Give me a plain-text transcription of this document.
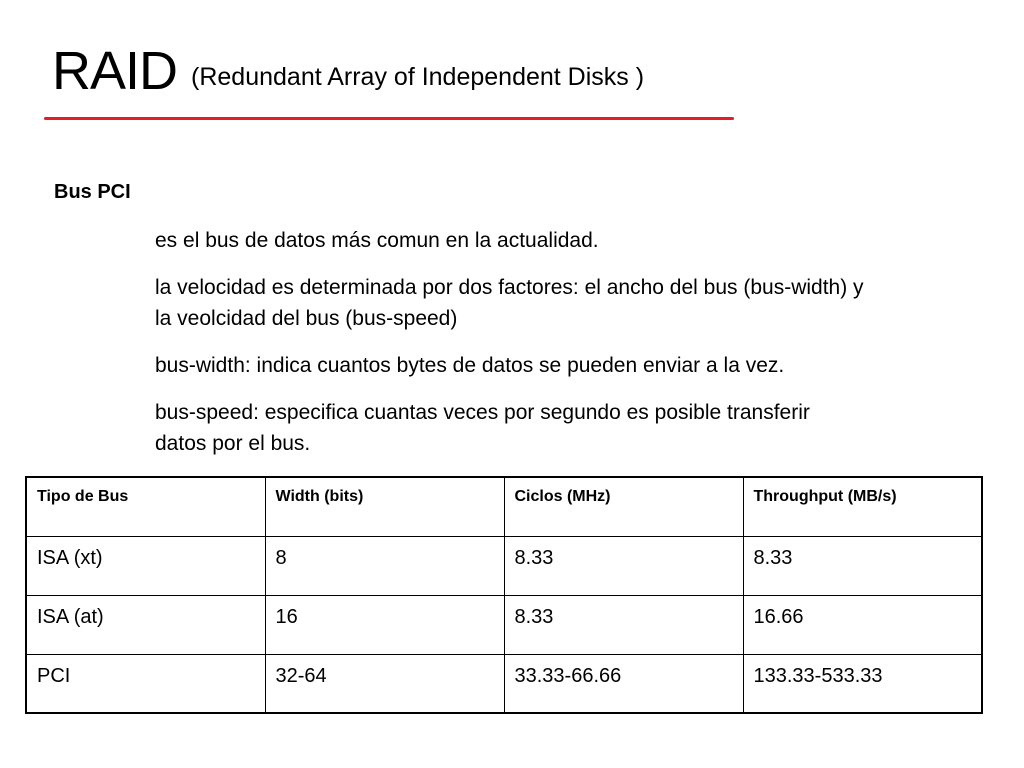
RAID (Redundant Array of Independent Disks )
Bus PCI
es el bus de datos más comun en la actualidad.
la velocidad es determinada por dos factores: el ancho del bus (bus-width) y la veolcidad del bus (bus-speed)
bus-width: indica cuantos bytes de datos se pueden enviar a la vez.
bus-speed: especifica cuantas veces por segundo es posible transferir datos por el bus.
Tipo de Bus	Width (bits)	Ciclos (MHz)	Throughput (MB/s)
ISA (xt)	8	8.33	8.33
ISA (at)	16	8.33	16.66
PCI	32-64	33.33-66.66	133.33-533.33
